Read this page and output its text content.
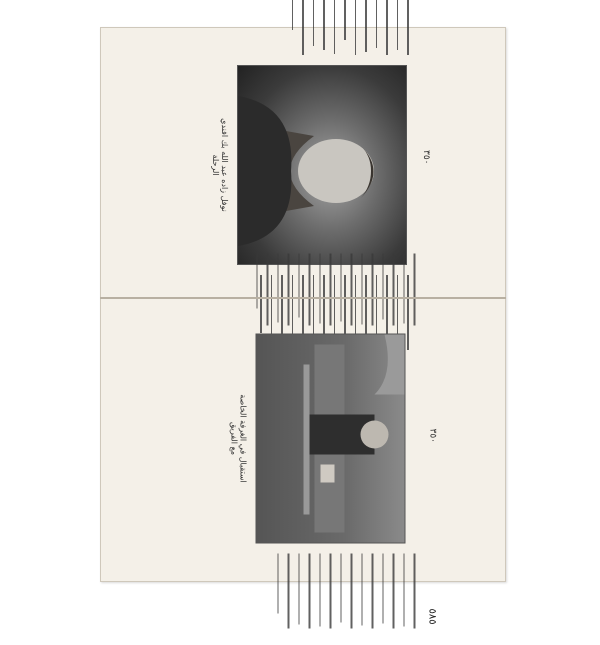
٣٥٠
نوفل زاده عبد الله بك افندي
الرحلة
٥٨٥
٣٥٠
استقبال في الغرفة الخاصة
مع الفريق
